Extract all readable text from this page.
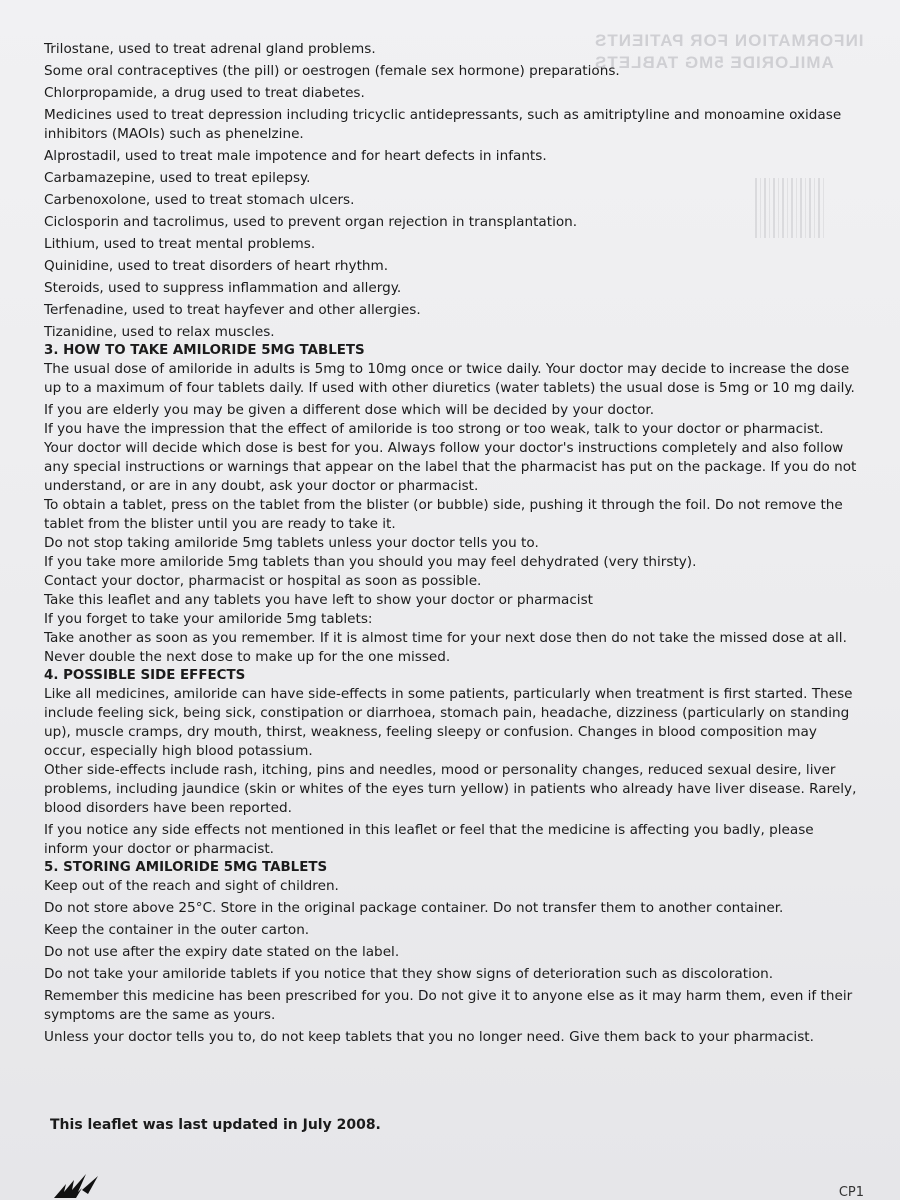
INFORMATION FOR PATIENTS
AMILORIDE 5MG TABLETS

Trilostane, used to treat adrenal gland problems.

Some oral contraceptives (the pill) or oestrogen (female sex hormone) preparations.

Chlorpropamide, a drug used to treat diabetes.

Medicines used to treat depression including tricyclic antidepressants, such as amitriptyline and monoamine oxidase inhibitors (MAOIs) such as phenelzine.

Alprostadil, used to treat male impotence and for heart defects in infants.

Carbamazepine, used to treat epilepsy.

Carbenoxolone, used to treat stomach ulcers.

Ciclosporin and tacrolimus, used to prevent organ rejection in transplantation.

Lithium, used to treat mental problems.

Quinidine, used to treat disorders of heart rhythm.

Steroids, used to suppress inflammation and allergy.

Terfenadine, used to treat hayfever and other allergies.

Tizanidine, used to relax muscles.

3. HOW TO TAKE AMILORIDE 5MG TABLETS

The usual dose of amiloride in adults is 5mg to 10mg once or twice daily. Your doctor may decide to increase the dose up to a maximum of four tablets daily. If used with other diuretics (water tablets) the usual dose is 5mg or 10 mg daily.

If you are elderly you may be given a different dose which will be decided by your doctor.

If you have the impression that the effect of amiloride is too strong or too weak, talk to your doctor or pharmacist.

Your doctor will decide which dose is best for you. Always follow your doctor's instructions completely and also follow any special instructions or warnings that appear on the label that the pharmacist has put on the package. If you do not understand, or are in any doubt, ask your doctor or pharmacist.

To obtain a tablet, press on the tablet from the blister (or bubble) side, pushing it through the foil. Do not remove the tablet from the blister until you are ready to take it.

Do not stop taking amiloride 5mg tablets unless your doctor tells you to.

If you take more amiloride 5mg tablets than you should you may feel dehydrated (very thirsty).

Contact your doctor, pharmacist or hospital as soon as possible.

Take this leaflet and any tablets you have left to show your doctor or pharmacist

If you forget to take your amiloride 5mg tablets:

Take another as soon as you remember. If it is almost time for your next dose then do not take the missed dose at all. Never double the next dose to make up for the one missed.

4. POSSIBLE SIDE EFFECTS

Like all medicines, amiloride can have side-effects in some patients, particularly when treatment is first started. These include feeling sick, being sick, constipation or diarrhoea, stomach pain, headache, dizziness (particularly on standing up), muscle cramps, dry mouth, thirst, weakness, feeling sleepy or confusion. Changes in blood composition may occur, especially high blood potassium.

Other side-effects include rash, itching, pins and needles, mood or personality changes, reduced sexual desire, liver problems, including jaundice (skin or whites of the eyes turn yellow) in patients who already have liver disease. Rarely, blood disorders have been reported.

If you notice any side effects not mentioned in this leaflet or feel that the medicine is affecting you badly, please inform your doctor or pharmacist.

5. STORING AMILORIDE 5MG TABLETS

Keep out of the reach and sight of children.

Do not store above 25°C. Store in the original package container. Do not transfer them to another container.

Keep the container in the outer carton.

Do not use after the expiry date stated on the label.

Do not take your amiloride tablets if you notice that they show signs of deterioration such as discoloration.

Remember this medicine has been prescribed for you. Do not give it to anyone else as it may harm them, even if their symptoms are the same as yours.

Unless your doctor tells you to, do not keep tablets that you no longer need. Give them back to your pharmacist.

This leaflet was last updated in July 2008.
CP1
